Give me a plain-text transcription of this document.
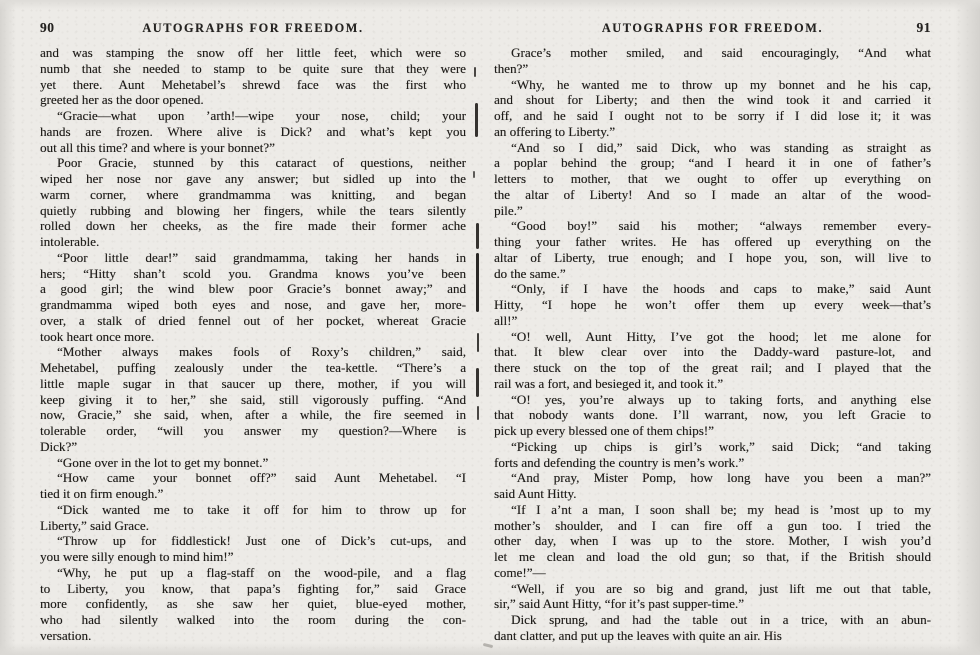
90	AUTOGRAPHS FOR FREEDOM.
and was stamping the snow off her little feet, which were so
numb that she needed to stamp to be quite sure that they were
yet there. Aunt Mehetabel’s shrewd face was the first who
greeted her as the door opened.
“Gracie—what upon ’arth!—wipe your nose, child; your
hands are frozen. Where alive is Dick? and what’s kept you
out all this time? and where is your bonnet?”
Poor Gracie, stunned by this cataract of questions, neither
wiped her nose nor gave any answer; but sidled up into the
warm corner, where grandmamma was knitting, and began
quietly rubbing and blowing her fingers, while the tears silently
rolled down her cheeks, as the fire made their former ache
intolerable.
“Poor little dear!” said grandmamma, taking her hands in
hers; “Hitty shan’t scold you. Grandma knows you’ve been
a good girl; the wind blew poor Gracie’s bonnet away;” and
grandmamma wiped both eyes and nose, and gave her, more-
over, a stalk of dried fennel out of her pocket, whereat Gracie
took heart once more.
“Mother always makes fools of Roxy’s children,” said,
Mehetabel, puffing zealously under the tea-kettle. “There’s a
little maple sugar in that saucer up there, mother, if you will
keep giving it to her,” she said, still vigorously puffing. “And
now, Gracie,” she said, when, after a while, the fire seemed in
tolerable order, “will you answer my question?—Where is
Dick?”
“Gone over in the lot to get my bonnet.”
“How came your bonnet off?” said Aunt Mehetabel. “I
tied it on firm enough.”
“Dick wanted me to take it off for him to throw up for
Liberty,” said Grace.
“Throw up for fiddlestick! Just one of Dick’s cut-ups, and
you were silly enough to mind him!”
“Why, he put up a flag-staff on the wood-pile, and a flag
to Liberty, you know, that papa’s fighting for,” said Grace
more confidently, as she saw her quiet, blue-eyed mother,
who had silently walked into the room during the con-
versation.
AUTOGRAPHS FOR FREEDOM.	91
Grace’s mother smiled, and said encouragingly, “And what
then?”
“Why, he wanted me to throw up my bonnet and he his cap,
and shout for Liberty; and then the wind took it and carried it
off, and he said I ought not to be sorry if I did lose it; it was
an offering to Liberty.”
“And so I did,” said Dick, who was standing as straight as
a poplar behind the group; “and I heard it in one of father’s
letters to mother, that we ought to offer up everything on
the altar of Liberty! And so I made an altar of the wood-
pile.”
“Good boy!” said his mother; “always remember every-
thing your father writes. He has offered up everything on the
altar of Liberty, true enough; and I hope you, son, will live to
do the same.”
“Only, if I have the hoods and caps to make,” said Aunt
Hitty, “I hope he won’t offer them up every week—that’s
all!”
“O! well, Aunt Hitty, I’ve got the hood; let me alone for
that. It blew clear over into the Daddy-ward pasture-lot, and
there stuck on the top of the great rail; and I played that the
rail was a fort, and besieged it, and took it.”
“O! yes, you’re always up to taking forts, and anything else
that nobody wants done. I’ll warrant, now, you left Gracie to
pick up every blessed one of them chips!”
“Picking up chips is girl’s work,” said Dick; “and taking
forts and defending the country is men’s work.”
“And pray, Mister Pomp, how long have you been a man?”
said Aunt Hitty.
“If I a’nt a man, I soon shall be; my head is ’most up to my
mother’s shoulder, and I can fire off a gun too. I tried the
other day, when I was up to the store. Mother, I wish you’d
let me clean and load the old gun; so that, if the British should
come!”—
“Well, if you are so big and grand, just lift me out that table,
sir,” said Aunt Hitty, “for it’s past supper-time.”
Dick sprung, and had the table out in a trice, with an abun-
dant clatter, and put up the leaves with quite an air. His
